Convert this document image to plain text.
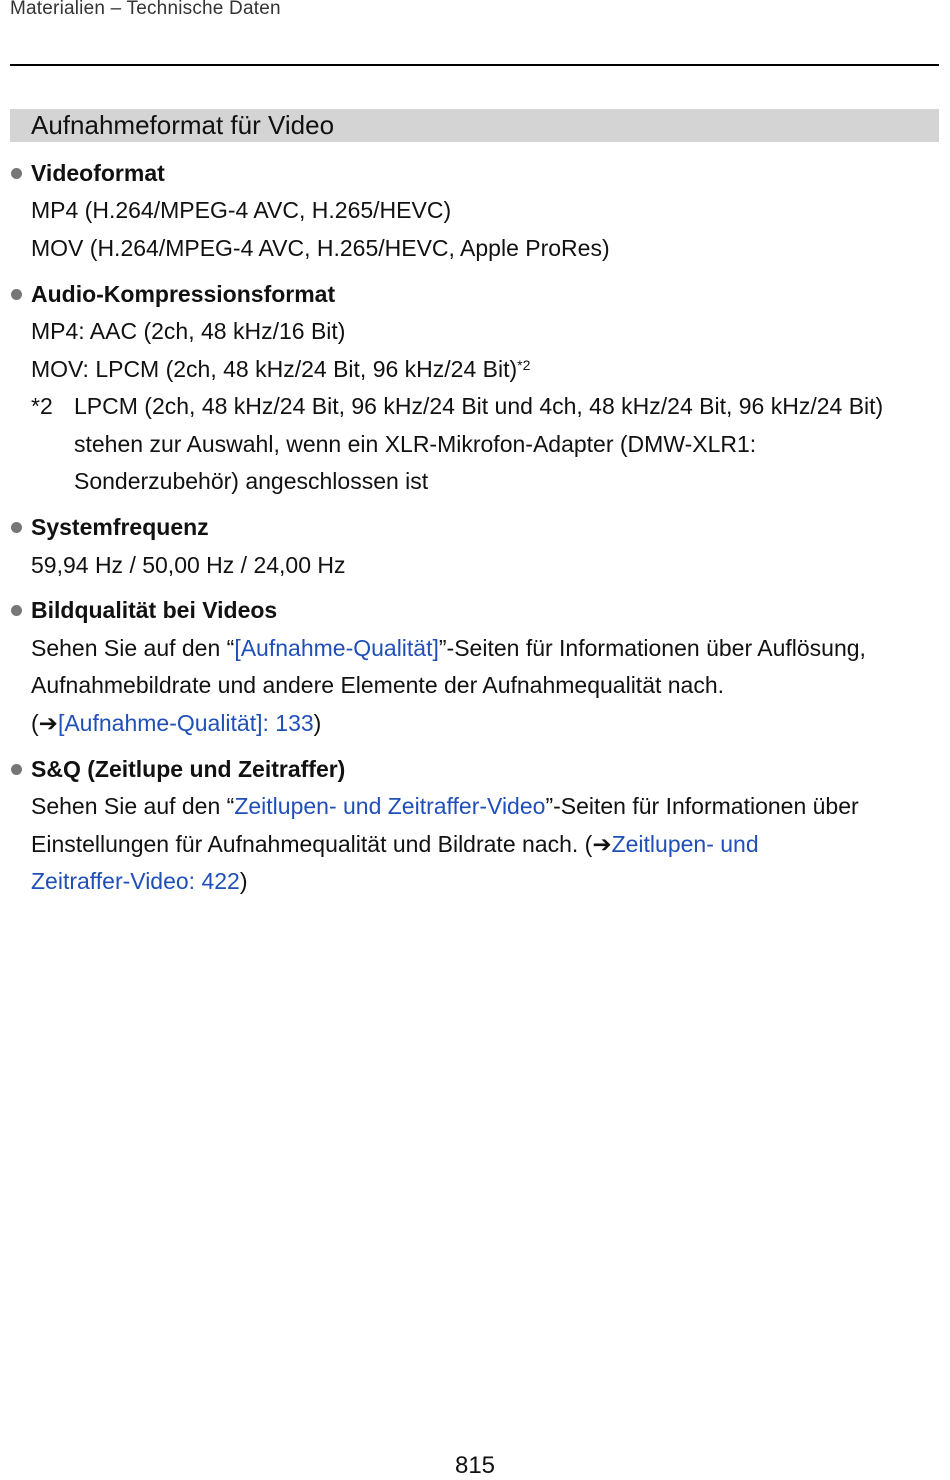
Materialien – Technische Daten
Aufnahmeformat für Video
Videoformat
MP4 (H.264/MPEG-4 AVC, H.265/HEVC)
MOV (H.264/MPEG-4 AVC, H.265/HEVC, Apple ProRes)
Audio-Kompressionsformat
MP4: AAC (2ch, 48 kHz/16 Bit)
MOV: LPCM (2ch, 48 kHz/24 Bit, 96 kHz/24 Bit)$^{*2}$
*2 LPCM (2ch, 48 kHz/24 Bit, 96 kHz/24 Bit und 4ch, 48 kHz/24 Bit, 96 kHz/24 Bit)
stehen zur Auswahl, wenn ein XLR-Mikrofon-Adapter (DMW-XLR1:
Sonderzubehör) angeschlossen ist
Systemfrequenz
59,94 Hz / 50,00 Hz / 24,00 Hz
Bildqualität bei Videos
Sehen Sie auf den “[Aufnahme-Qualität]”-Seiten für Informationen über Auflösung,
Aufnahmebildrate und andere Elemente der Aufnahmequalität nach.
(➔[Aufnahme-Qualität]: 133)
S&Q (Zeitlupe und Zeitraffer)
Sehen Sie auf den “Zeitlupen- und Zeitraffer-Video”-Seiten für Informationen über
Einstellungen für Aufnahmequalität und Bildrate nach. (➔Zeitlupen- und
Zeitraffer-Video: 422)
815
